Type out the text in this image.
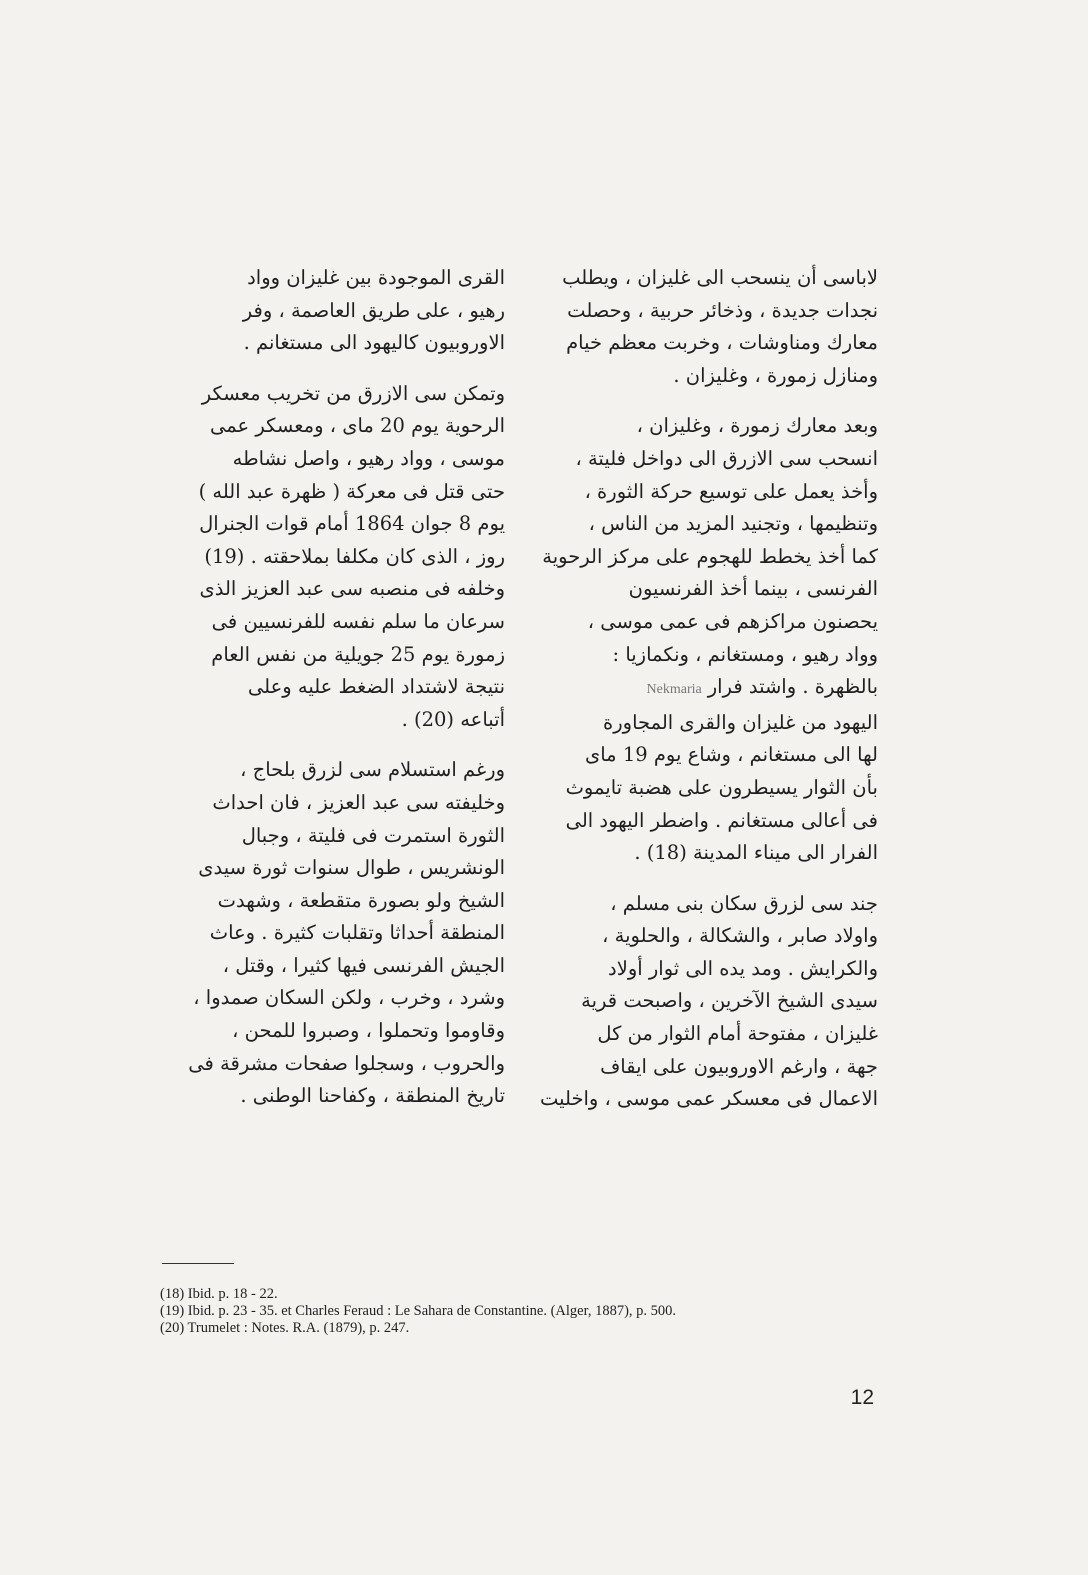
لاباسى أن ينسحب الى غليزان ، ويطلب
نجدات جديدة ، وذخائر حربية ، وحصلت
معارك ومناوشات ، وخربت معظم خيام
ومنازل زمورة ، وغليزان .

وبعد معارك زمورة ، وغليزان ،
انسحب سى الازرق الى دواخل فليتة ،
وأخذ يعمل على توسيع حركة الثورة ،
وتنظيمها ، وتجنيد المزيد من الناس ،
كما أخذ يخطط للهجوم على مركز الرحوية
الفرنسى ، بينما أخذ الفرنسيون
يحصنون مراكزهم فى عمى موسى ،
وواد رهيو ، ومستغانم ، ونكمازيا :
بالظهرة . واشتد فرارNekmaria
اليهود من غليزان والقرى المجاورة
لها الى مستغانم ، وشاع يوم 19 ماى
بأن الثوار يسيطرون على هضبة تايموث
فى أعالى مستغانم . واضطر اليهود الى
الفرار الى ميناء المدينة (18) .

جند سى لزرق سكان بنى مسلم ،
واولاد صابر ، والشكالة ، والحلوية ،
والكرايش . ومد يده الى ثوار أولاد
سيدى الشيخ الآخرين ، واصبحت قرية
غليزان ، مفتوحة أمام الثوار من كل
جهة ، وارغم الاوروبيون على ايقاف
الاعمال فى معسكر عمى موسى ، واخليت

القرى الموجودة بين غليزان وواد
رهيو ، على طريق العاصمة ، وفر
الاوروبيون كاليهود الى مستغانم .

وتمكن سى الازرق من تخريب معسكر
الرحوية يوم 20 ماى ، ومعسكر عمى
موسى ، وواد رهيو ، واصل نشاطه
حتى قتل فى معركة ( ظهرة عبد الله )
يوم 8 جوان 1864 أمام قوات الجنرال
روز ، الذى كان مكلفا بملاحقته . (19)
وخلفه فى منصبه سى عبد العزيز الذى
سرعان ما سلم نفسه للفرنسيين فى
زمورة يوم 25 جويلية من نفس العام
نتيجة لاشتداد الضغط عليه وعلى
أتباعه (20) .

ورغم استسلام سى لزرق بلحاج ،
وخليفته سى عبد العزيز ، فان احداث
الثورة استمرت فى فليتة ، وجبال
الونشريس ، طوال سنوات ثورة سيدى
الشيخ ولو بصورة متقطعة ، وشهدت
المنطقة أحداثا وتقلبات كثيرة . وعاث
الجيش الفرنسى فيها كثيرا ، وقتل ،
وشرد ، وخرب ، ولكن السكان صمدوا ،
وقاوموا وتحملوا ، وصبروا للمحن ،
والحروب ، وسجلوا صفحات مشرقة فى
تاريخ المنطقة ، وكفاحنا الوطنى .

(18) Ibid. p. 18 - 22.
(19) Ibid. p. 23 - 35. et Charles Feraud : Le Sahara de Constantine. (Alger, 1887), p. 500.
(20) Trumelet : Notes. R.A. (1879), p. 247.
12
